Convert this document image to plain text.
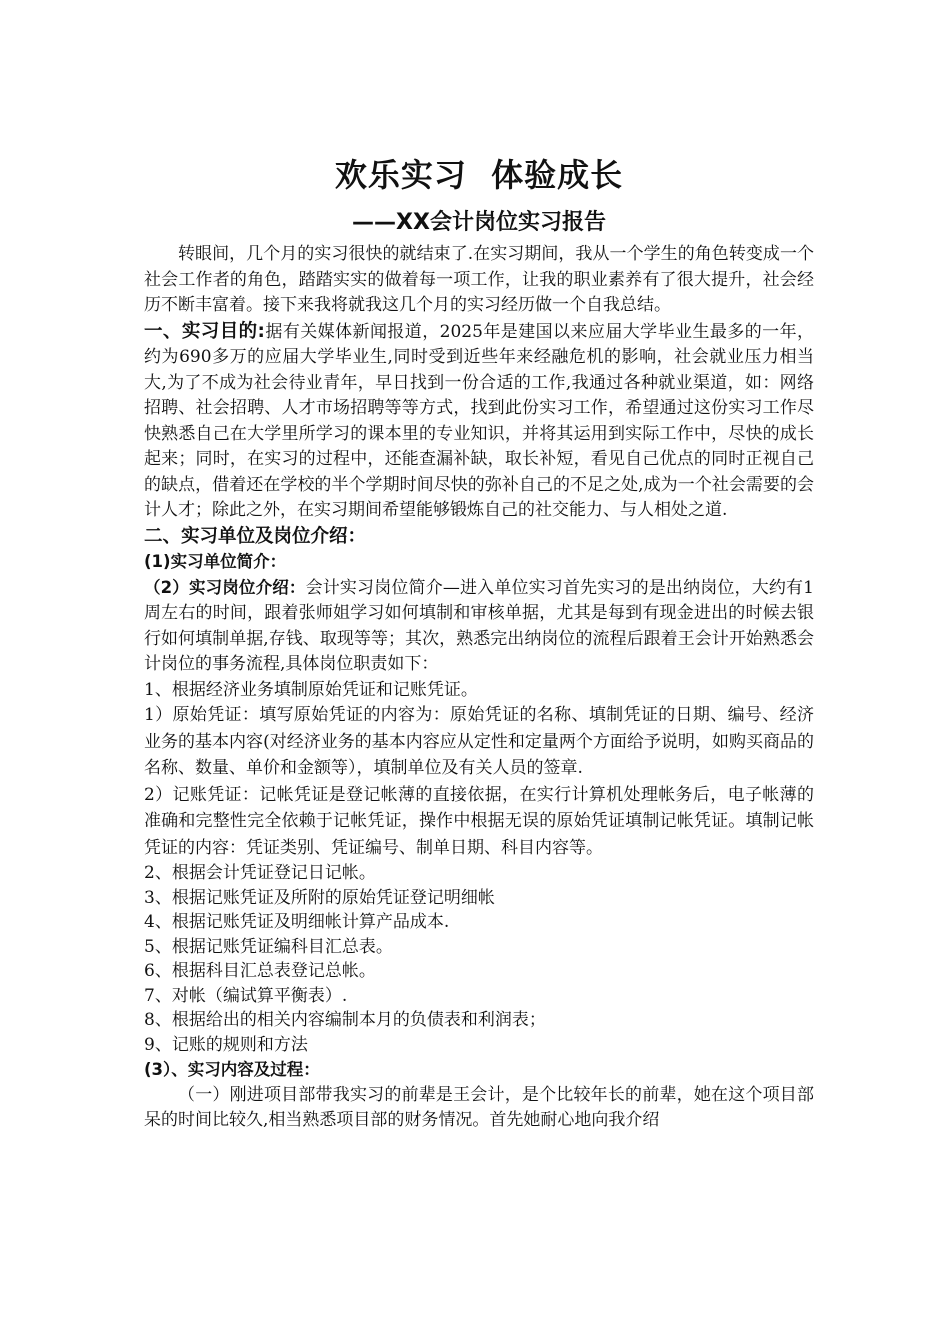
欢乐实习  体验成长
——XX会计岗位实习报告

转眼间，几个月的实习很快的就结束了.在实习期间，我从一个学生的角色转变成一个社会工作者的角色，踏踏实实的做着每一项工作，让我的职业素养有了很大提升，社会经历不断丰富着。接下来我将就我这几个月的实习经历做一个自我总结。

一、实习目的:据有关媒体新闻报道，2025年是建国以来应届大学毕业生最多的一年，约为690多万的应届大学毕业生,同时受到近些年来经融危机的影响，社会就业压力相当大,为了不成为社会待业青年，早日找到一份合适的工作,我通过各种就业渠道，如：网络招聘、社会招聘、人才市场招聘等等方式，找到此份实习工作，希望通过这份实习工作尽快熟悉自己在大学里所学习的课本里的专业知识，并将其运用到实际工作中，尽快的成长起来；同时，在实习的过程中，还能查漏补缺，取长补短，看见自己优点的同时正视自己的缺点，借着还在学校的半个学期时间尽快的弥补自己的不足之处,成为一个社会需要的会计人才；除此之外，在实习期间希望能够锻炼自己的社交能力、与人相处之道.

二、实习单位及岗位介绍：
(1)实习单位简介：

（2）实习岗位介绍：会计实习岗位简介—进入单位实习首先实习的是出纳岗位，大约有1周左右的时间，跟着张师姐学习如何填制和审核单据，尤其是每到有现金进出的时候去银行如何填制单据,存钱、取现等等；其次，熟悉完出纳岗位的流程后跟着王会计开始熟悉会计岗位的事务流程,具体岗位职责如下：

1、根据经济业务填制原始凭证和记账凭证。
1）原始凭证：填写原始凭证的内容为：原始凭证的名称、填制凭证的日期、编号、经济业务的基本内容(对经济业务的基本内容应从定性和定量两个方面给予说明，如购买商品的名称、数量、单价和金额等），填制单位及有关人员的签章.
2）记账凭证：记帐凭证是登记帐薄的直接依据，在实行计算机处理帐务后，电子帐薄的准确和完整性完全依赖于记帐凭证，操作中根据无误的原始凭证填制记帐凭证。填制记帐凭证的内容：凭证类别、凭证编号、制单日期、科目内容等。
2、根据会计凭证登记日记帐。
3、根据记账凭证及所附的原始凭证登记明细帐
4、根据记账凭证及明细帐计算产品成本.
5、根据记账凭证编科目汇总表。
6、根据科目汇总表登记总帐。
7、对帐（编试算平衡表）.
8、根据给出的相关内容编制本月的负债表和利润表；
9、记账的规则和方法
(3）、实习内容及过程：

（一）刚进项目部带我实习的前辈是王会计，是个比较年长的前辈，她在这个项目部呆的时间比较久,相当熟悉项目部的财务情况。首先她耐心地向我介绍
